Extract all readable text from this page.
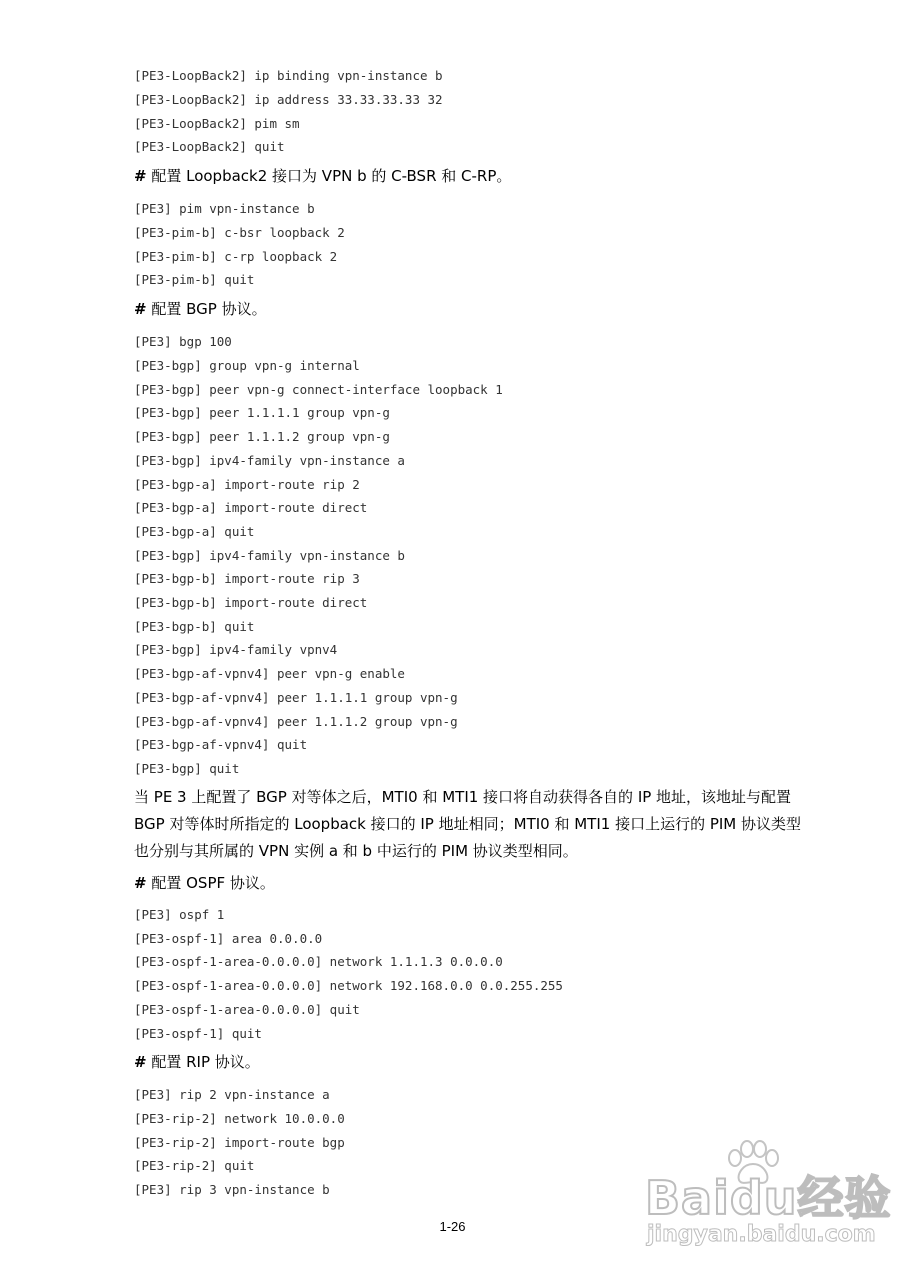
[PE3-LoopBack2] ip binding vpn-instance b
[PE3-LoopBack2] ip address 33.33.33.33 32
[PE3-LoopBack2] pim sm
[PE3-LoopBack2] quit
# 配置 Loopback2 接口为 VPN b 的 C-BSR 和 C-RP。
[PE3] pim vpn-instance b
[PE3-pim-b] c-bsr loopback 2
[PE3-pim-b] c-rp loopback 2
[PE3-pim-b] quit
# 配置 BGP 协议。
[PE3] bgp 100
[PE3-bgp] group vpn-g internal
[PE3-bgp] peer vpn-g connect-interface loopback 1
[PE3-bgp] peer 1.1.1.1 group vpn-g
[PE3-bgp] peer 1.1.1.2 group vpn-g
[PE3-bgp] ipv4-family vpn-instance a
[PE3-bgp-a] import-route rip 2
[PE3-bgp-a] import-route direct
[PE3-bgp-a] quit
[PE3-bgp] ipv4-family vpn-instance b
[PE3-bgp-b] import-route rip 3
[PE3-bgp-b] import-route direct
[PE3-bgp-b] quit
[PE3-bgp] ipv4-family vpnv4
[PE3-bgp-af-vpnv4] peer vpn-g enable
[PE3-bgp-af-vpnv4] peer 1.1.1.1 group vpn-g
[PE3-bgp-af-vpnv4] peer 1.1.1.2 group vpn-g
[PE3-bgp-af-vpnv4] quit
[PE3-bgp] quit
当 PE 3 上配置了 BGP 对等体之后，MTI0 和 MTI1 接口将自动获得各自的 IP 地址，该地址与配置
BGP 对等体时所指定的 Loopback 接口的 IP 地址相同；MTI0 和 MTI1 接口上运行的 PIM 协议类型
也分别与其所属的 VPN 实例 a 和 b 中运行的 PIM 协议类型相同。
# 配置 OSPF 协议。
[PE3] ospf 1
[PE3-ospf-1] area 0.0.0.0
[PE3-ospf-1-area-0.0.0.0] network 1.1.1.3 0.0.0.0
[PE3-ospf-1-area-0.0.0.0] network 192.168.0.0 0.0.255.255
[PE3-ospf-1-area-0.0.0.0] quit
[PE3-ospf-1] quit
# 配置 RIP 协议。
[PE3] rip 2 vpn-instance a
[PE3-rip-2] network 10.0.0.0
[PE3-rip-2] import-route bgp
[PE3-rip-2] quit
[PE3] rip 3 vpn-instance b
1-26
Baidu经验
jingyan.baidu.com
